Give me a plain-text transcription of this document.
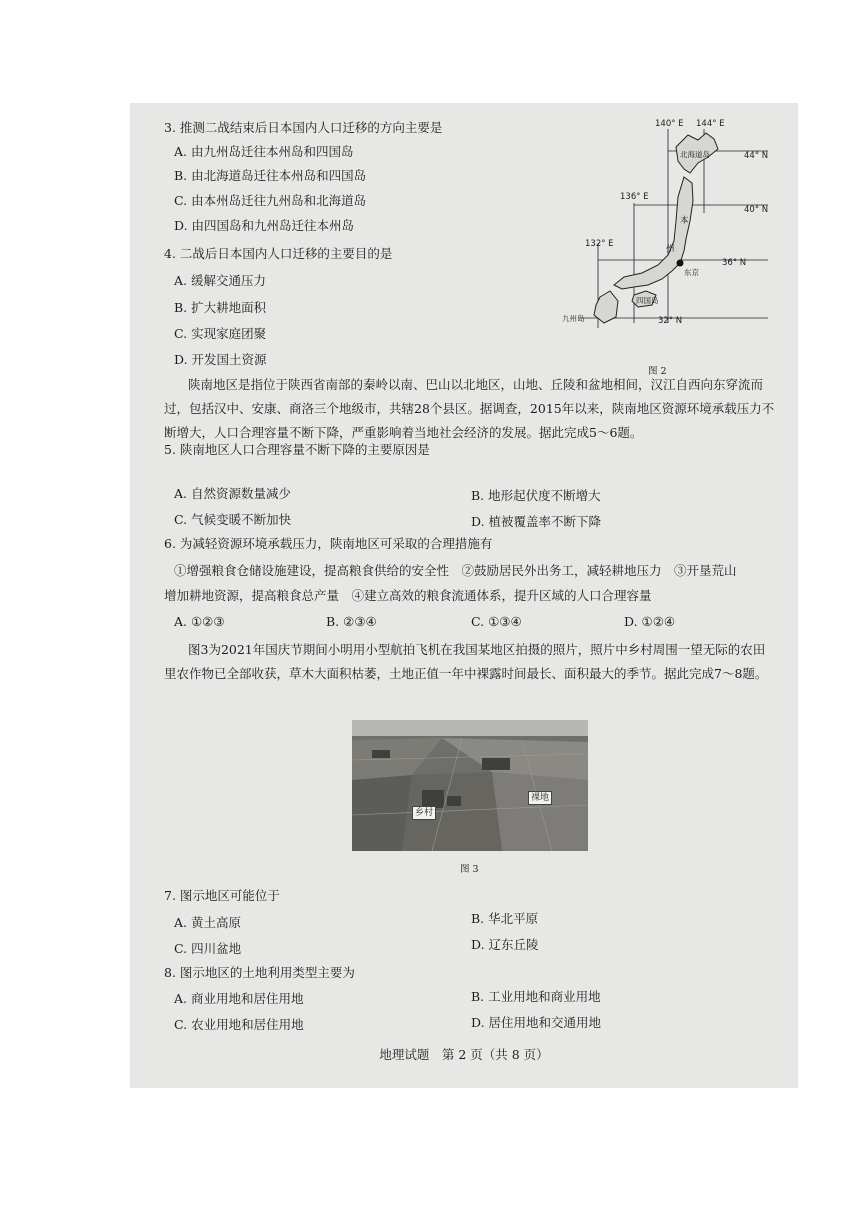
3. 推测二战结束后日本国内人口迁移的方向主要是
A. 由九州岛迁往本州岛和四国岛
B. 由北海道岛迁往本州岛和四国岛
C. 由本州岛迁往九州岛和北海道岛
D. 由四国岛和九州岛迁往本州岛
4. 二战后日本国内人口迁移的主要目的是
A. 缓解交通压力
B. 扩大耕地面积
C. 实现家庭团聚
D. 开发国土资源
140° E 144° E
136° E
132° E
44° N
40° N
36° N
32° N
北海道岛
本
州
东京
四国岛
九州岛
图 2
陕南地区是指位于陕西省南部的秦岭以南、巴山以北地区，山地、丘陵和盆地相间，汉江自西向东穿流而过，包括汉中、安康、商洛三个地级市，共辖28个县区。据调查，2015年以来，陕南地区资源环境承载压力不断增大，人口合理容量不断下降，严重影响着当地社会经济的发展。据此完成5～6题。
5. 陕南地区人口合理容量不断下降的主要原因是
A. 自然资源数量减少	B. 地形起伏度不断增大
C. 气候变暖不断加快	D. 植被覆盖率不断下降
6. 为减轻资源环境承载压力，陕南地区可采取的合理措施有
①增强粮食仓储设施建设，提高粮食供给的安全性　②鼓励居民外出务工，减轻耕地压力　③开垦荒山
增加耕地资源，提高粮食总产量　④建立高效的粮食流通体系，提升区域的人口合理容量
A. ①②③	B. ②③④	C. ①③④	D. ①②④
图3为2021年国庆节期间小明用小型航拍飞机在我国某地区拍摄的照片，照片中乡村周围一望无际的农田里农作物已全部收获，草木大面积枯萎，土地正值一年中裸露时间最长、面积最大的季节。据此完成7～8题。
乡村
裸地
图 3
7. 图示地区可能位于
A. 黄土高原	B. 华北平原
C. 四川盆地	D. 辽东丘陵
8. 图示地区的土地利用类型主要为
A. 商业用地和居住用地	B. 工业用地和商业用地
C. 农业用地和居住用地	D. 居住用地和交通用地
地理试题　第 2 页（共 8 页）
